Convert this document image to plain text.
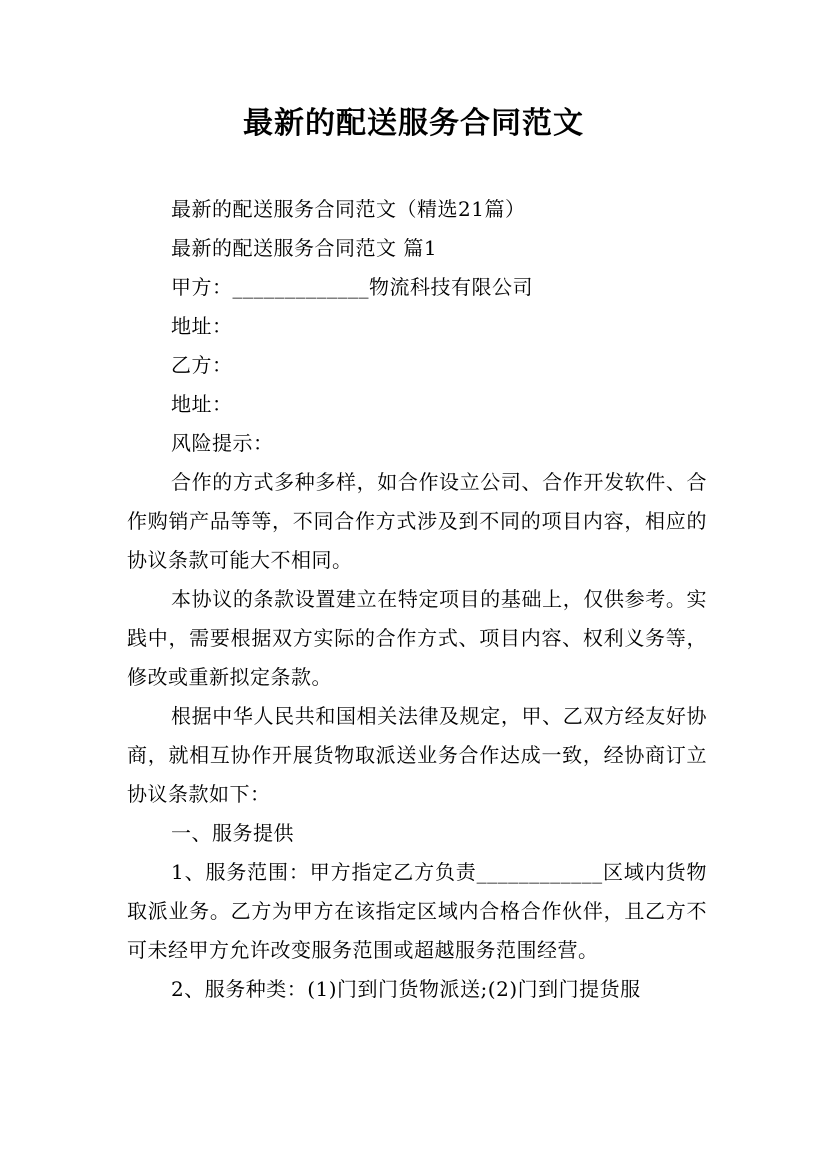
最新的配送服务合同范文

最新的配送服务合同范文（精选21篇）

最新的配送服务合同范文 篇1

甲方：_____________物流科技有限公司

地址：

乙方：

地址：

风险提示：

合作的方式多种多样，如合作设立公司、合作开发软件、合作购销产品等等，不同合作方式涉及到不同的项目内容，相应的协议条款可能大不相同。

本协议的条款设置建立在特定项目的基础上，仅供参考。实践中，需要根据双方实际的合作方式、项目内容、权利义务等，修改或重新拟定条款。

根据中华人民共和国相关法律及规定，甲、乙双方经友好协商，就相互协作开展货物取派送业务合作达成一致，经协商订立协议条款如下：

一、服务提供

1、服务范围：甲方指定乙方负责____________区域内货物取派业务。乙方为甲方在该指定区域内合格合作伙伴，且乙方不可未经甲方允许改变服务范围或超越服务范围经营。

2、服务种类：(1)门到门货物派送;(2)门到门提货服
